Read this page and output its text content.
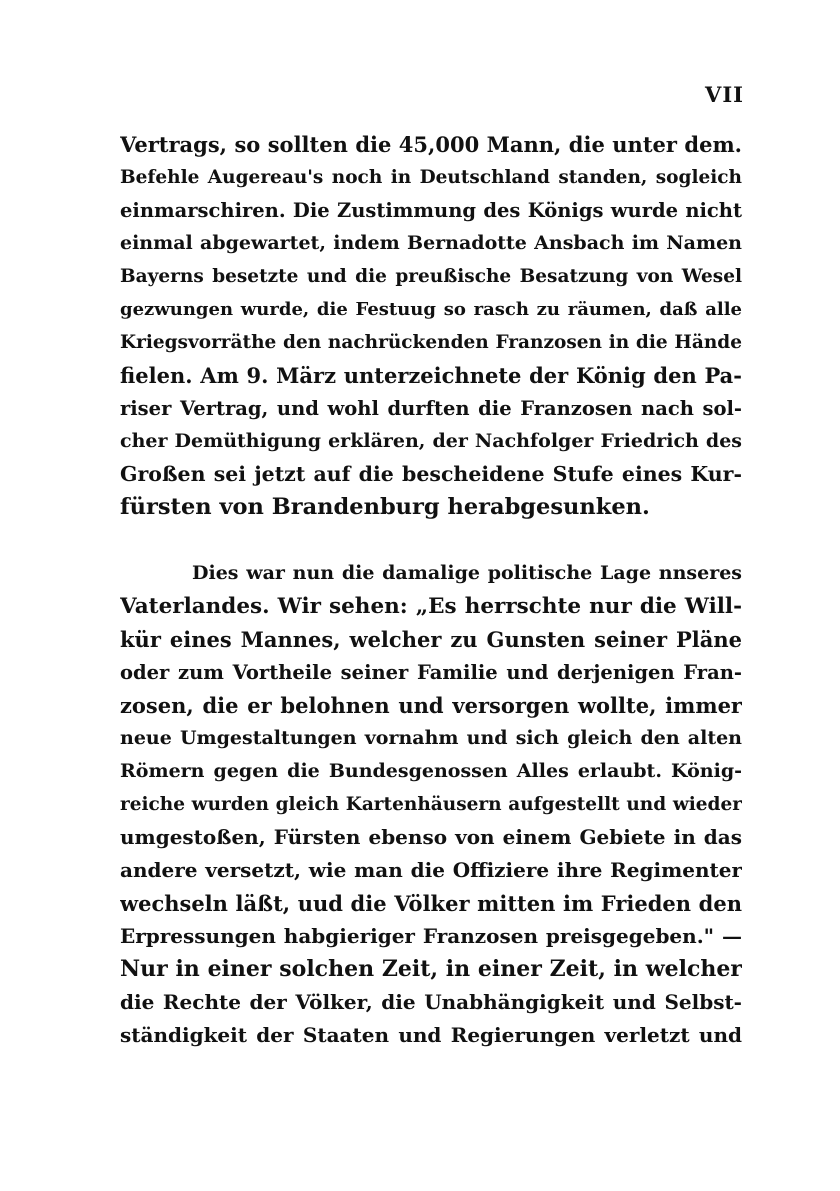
VII
Vertrags, so sollten die 45,000 Mann, die unter dem.
Befehle Augereau's noch in Deutschland standen, sogleich
einmarschiren. Die Zustimmung des Königs wurde nicht
einmal abgewartet, indem Bernadotte Ansbach im Namen
Bayerns besetzte und die preußische Besatzung von Wesel
gezwungen wurde, die Festuug so rasch zu räumen, daß alle
Kriegsvorräthe den nachrückenden Franzosen in die Hände
fielen. Am 9. März unterzeichnete der König den Pa-
riser Vertrag, und wohl durften die Franzosen nach sol-
cher Demüthigung erklären, der Nachfolger Friedrich des
Großen sei jetzt auf die bescheidene Stufe eines Kur-
fürsten von Brandenburg herabgesunken.
Dies war nun die damalige politische Lage nnseres
Vaterlandes. Wir sehen: „Es herrschte nur die Will-
kür eines Mannes, welcher zu Gunsten seiner Pläne
oder zum Vortheile seiner Familie und derjenigen Fran-
zosen, die er belohnen und versorgen wollte, immer
neue Umgestaltungen vornahm und sich gleich den alten
Römern gegen die Bundesgenossen Alles erlaubt. König-
reiche wurden gleich Kartenhäusern aufgestellt und wieder
umgestoßen, Fürsten ebenso von einem Gebiete in das
andere versetzt, wie man die Offiziere ihre Regimenter
wechseln läßt, uud die Völker mitten im Frieden den
Erpressungen habgieriger Franzosen preisgegeben." —
Nur in einer solchen Zeit, in einer Zeit, in welcher
die Rechte der Völker, die Unabhängigkeit und Selbst-
ständigkeit der Staaten und Regierungen verletzt und
